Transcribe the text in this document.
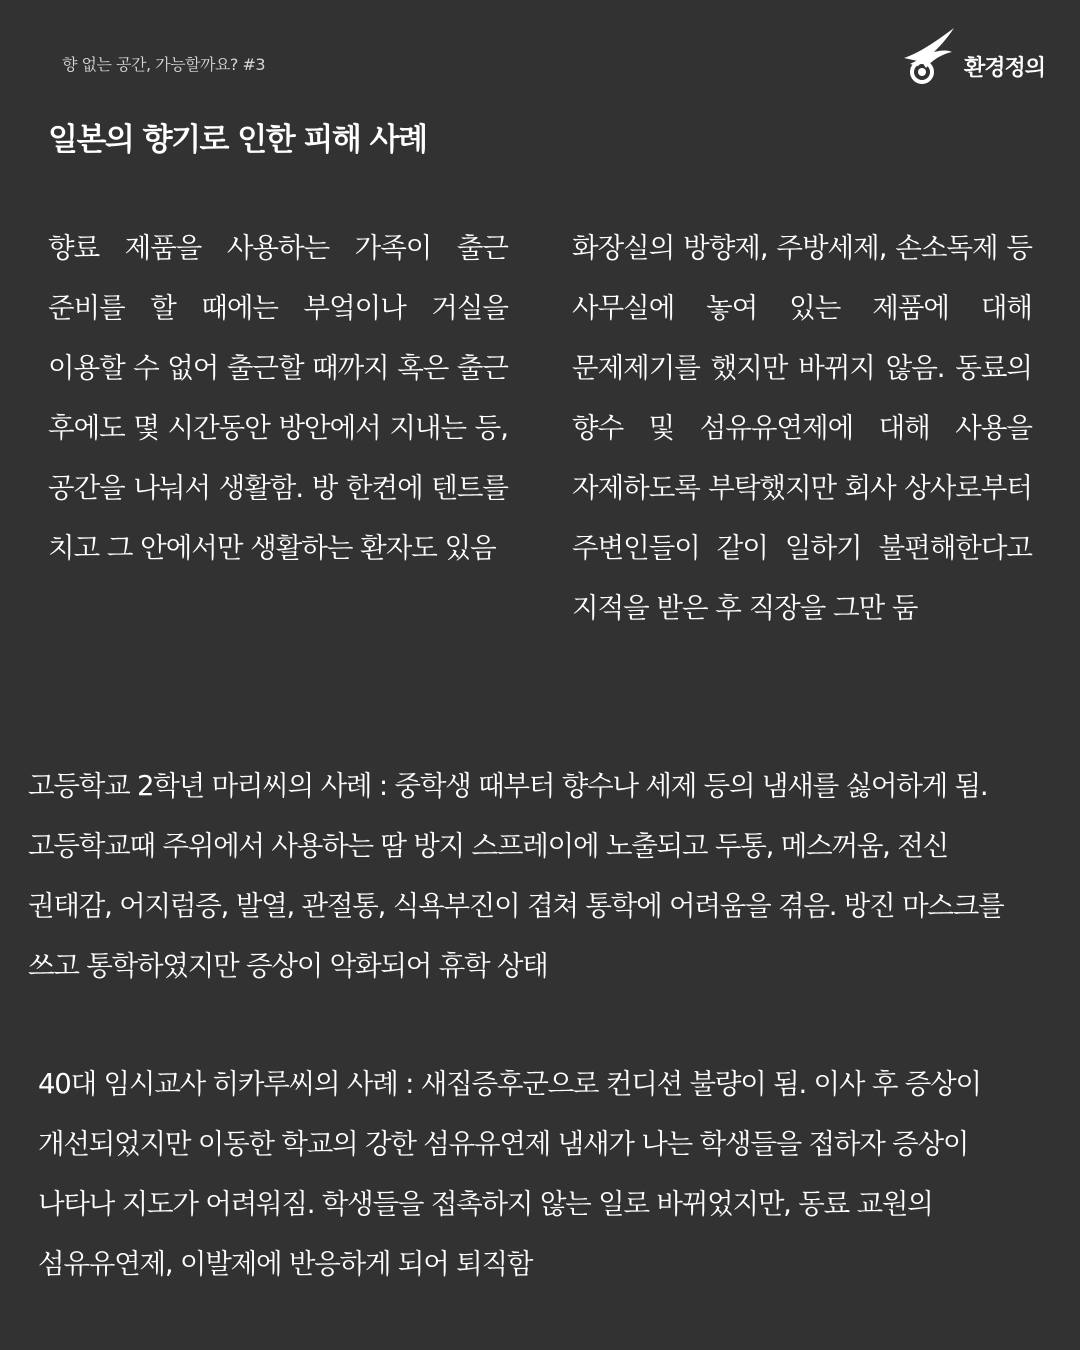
향 없는 공간, 가능할까요? #3	환경정의
일본의 향기로 인한 피해 사례

향료 제품을 사용하는 가족이 출근 준비를 할 때에는 부엌이나 거실을 이용할 수 없어 출근할 때까지 혹은 출근 후에도 몇 시간동안 방안에서 지내는 등, 공간을 나눠서 생활함. 방 한켠에 텐트를 치고 그 안에서만 생활하는 환자도 있음

화장실의 방향제, 주방세제, 손소독제 등 사무실에 놓여 있는 제품에 대해 문제제기를 했지만 바뀌지 않음. 동료의 향수 및 섬유유연제에 대해 사용을 자제하도록 부탁했지만 회사 상사로부터 주변인들이 같이 일하기 불편해한다고 지적을 받은 후 직장을 그만 둠

고등학교 2학년 마리씨의 사례 : 중학생 때부터 향수나 세제 등의 냄새를 싫어하게 됨. 고등학교때 주위에서 사용하는 땀 방지 스프레이에 노출되고 두통, 메스꺼움, 전신 권태감, 어지럼증, 발열, 관절통, 식욕부진이 겹쳐 통학에 어려움을 겪음. 방진 마스크를 쓰고 통학하였지만 증상이 악화되어 휴학 상태

40대 임시교사 히카루씨의 사례 : 새집증후군으로 컨디션 불량이 됨. 이사 후 증상이 개선되었지만 이동한 학교의 강한 섬유유연제 냄새가 나는 학생들을 접하자 증상이 나타나 지도가 어려워짐. 학생들을 접촉하지 않는 일로 바뀌었지만, 동료 교원의 섬유유연제, 이발제에 반응하게 되어 퇴직함
